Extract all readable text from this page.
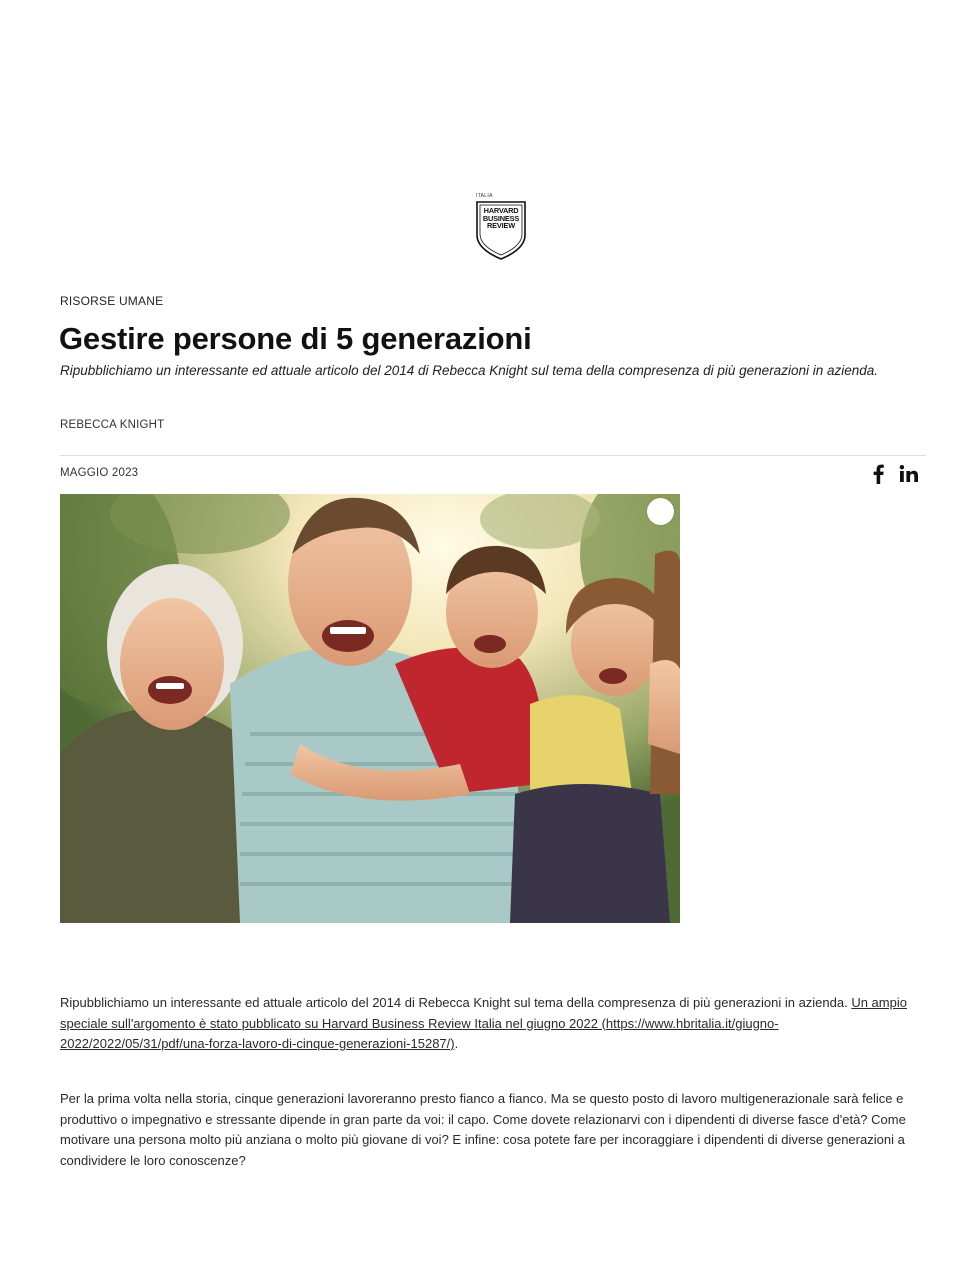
ITALIA
HARVARD
BUSINESS
REVIEW
RISORSE UMANE
Gestire persone di 5 generazioni
Ripubblichiamo un interessante ed attuale articolo del 2014 di Rebecca Knight sul tema della compresenza di più generazioni in azienda.
REBECCA KNIGHT
MAGGIO 2023

Ripubblichiamo un interessante ed attuale articolo del 2014 di Rebecca Knight sul tema della compresenza di più generazioni in azienda. Un ampio speciale sull'argomento è stato pubblicato su Harvard Business Review Italia nel giugno 2022 (https://www.hbritalia.it/giugno-2022/2022/05/31/pdf/una-forza-lavoro-di-cinque-generazioni-15287/).

Per la prima volta nella storia, cinque generazioni lavoreranno presto fianco a fianco. Ma se questo posto di lavoro multigenerazionale sarà felice e produttivo o impegnativo e stressante dipende in gran parte da voi: il capo. Come dovete relazionarvi con i dipendenti di diverse fasce d'età? Come motivare una persona molto più anziana o molto più giovane di voi? E infine: cosa potete fare per incoraggiare i dipendenti di diverse generazioni a condividere le loro conoscenze?
